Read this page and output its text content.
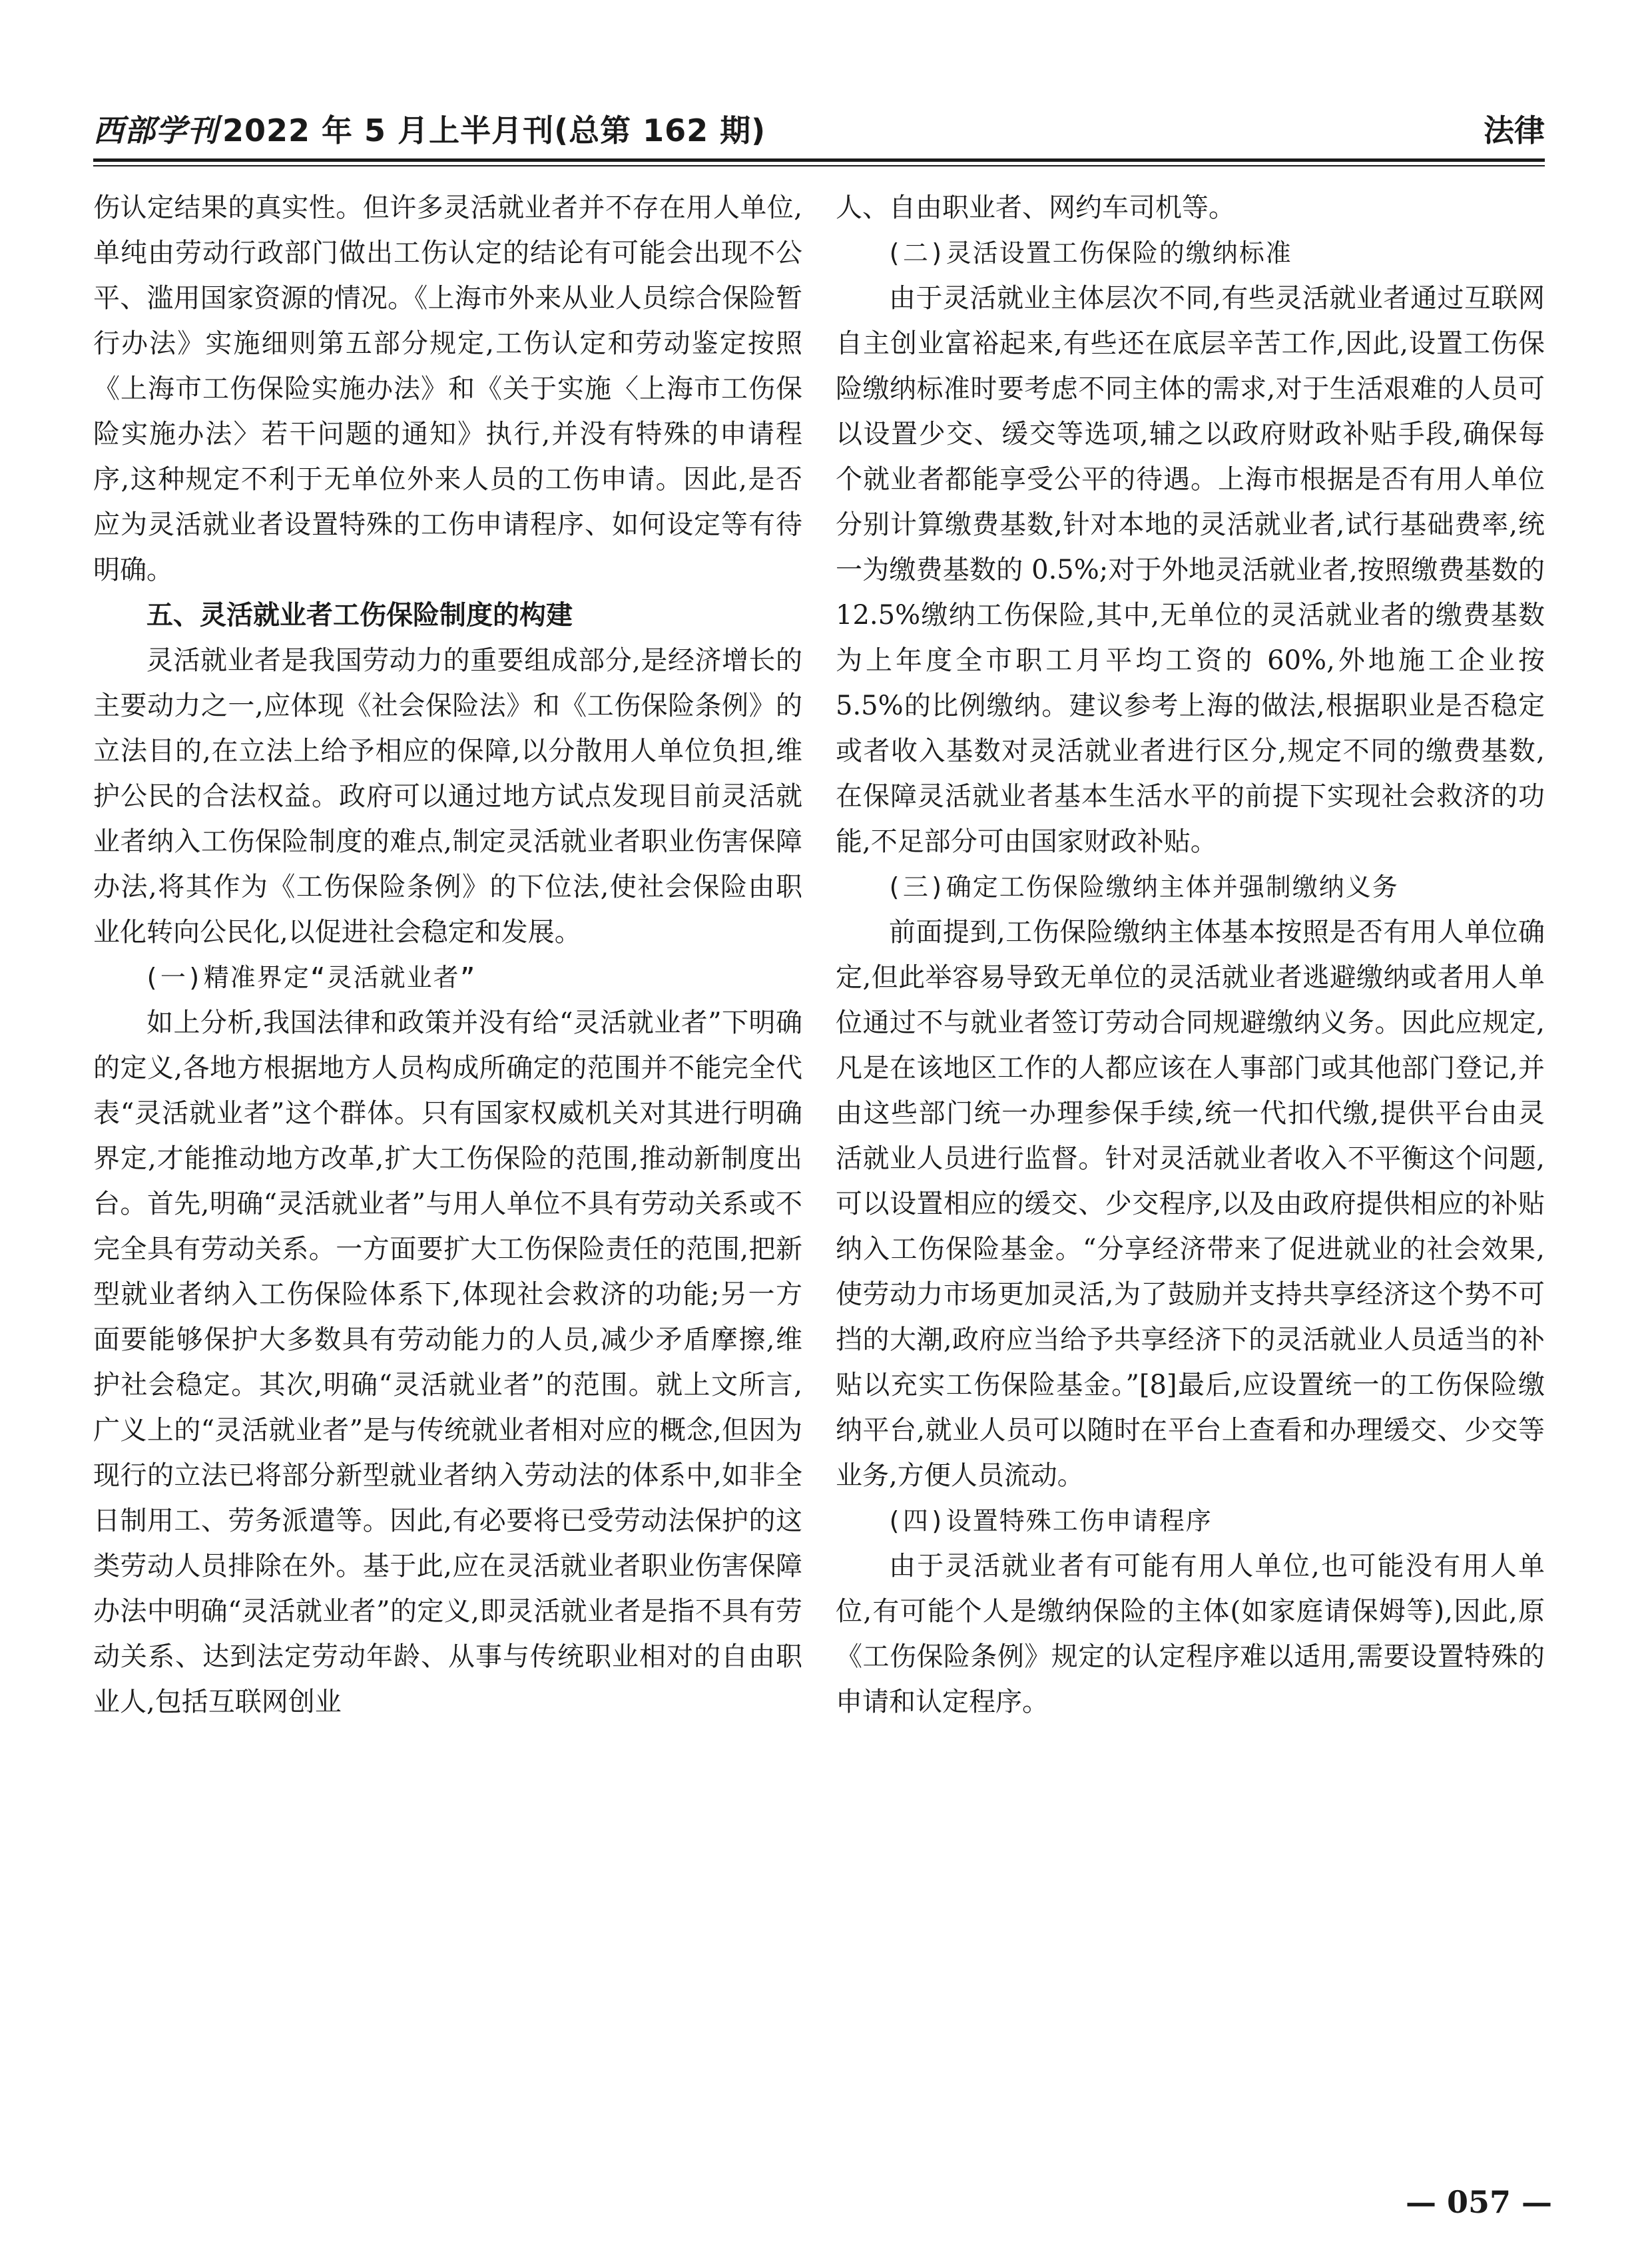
西部学刊 2022 年 5 月上半月刊(总第 162 期)	法律

伤认定结果的真实性。但许多灵活就业者并不存在用人单位,单纯由劳动行政部门做出工伤认定的结论有可能会出现不公平、滥用国家资源的情况。《上海市外来从业人员综合保险暂行办法》实施细则第五部分规定,工伤认定和劳动鉴定按照《上海市工伤保险实施办法》和《关于实施〈上海市工伤保险实施办法〉若干问题的通知》执行,并没有特殊的申请程序,这种规定不利于无单位外来人员的工伤申请。因此,是否应为灵活就业者设置特殊的工伤申请程序、如何设定等有待明确。

五、灵活就业者工伤保险制度的构建

灵活就业者是我国劳动力的重要组成部分,是经济增长的主要动力之一,应体现《社会保险法》和《工伤保险条例》的立法目的,在立法上给予相应的保障,以分散用人单位负担,维护公民的合法权益。政府可以通过地方试点发现目前灵活就业者纳入工伤保险制度的难点,制定灵活就业者职业伤害保障办法,将其作为《工伤保险条例》的下位法,使社会保险由职业化转向公民化,以促进社会稳定和发展。

(一)精准界定“灵活就业者”

如上分析,我国法律和政策并没有给“灵活就业者”下明确的定义,各地方根据地方人员构成所确定的范围并不能完全代表“灵活就业者”这个群体。只有国家权威机关对其进行明确界定,才能推动地方改革,扩大工伤保险的范围,推动新制度出台。首先,明确“灵活就业者”与用人单位不具有劳动关系或不完全具有劳动关系。一方面要扩大工伤保险责任的范围,把新型就业者纳入工伤保险体系下,体现社会救济的功能;另一方面要能够保护大多数具有劳动能力的人员,减少矛盾摩擦,维护社会稳定。其次,明确“灵活就业者”的范围。就上文所言,广义上的“灵活就业者”是与传统就业者相对应的概念,但因为现行的立法已将部分新型就业者纳入劳动法的体系中,如非全日制用工、劳务派遣等。因此,有必要将已受劳动法保护的这类劳动人员排除在外。基于此,应在灵活就业者职业伤害保障办法中明确“灵活就业者”的定义,即灵活就业者是指不具有劳动关系、达到法定劳动年龄、从事与传统职业相对的自由职业人,包括互联网创业

人、自由职业者、网约车司机等。

(二)灵活设置工伤保险的缴纳标准

由于灵活就业主体层次不同,有些灵活就业者通过互联网自主创业富裕起来,有些还在底层辛苦工作,因此,设置工伤保险缴纳标准时要考虑不同主体的需求,对于生活艰难的人员可以设置少交、缓交等选项,辅之以政府财政补贴手段,确保每个就业者都能享受公平的待遇。上海市根据是否有用人单位分别计算缴费基数,针对本地的灵活就业者,试行基础费率,统一为缴费基数的 0.5%;对于外地灵活就业者,按照缴费基数的 12.5%缴纳工伤保险,其中,无单位的灵活就业者的缴费基数为上年度全市职工月平均工资的 60%,外地施工企业按 5.5%的比例缴纳。建议参考上海的做法,根据职业是否稳定或者收入基数对灵活就业者进行区分,规定不同的缴费基数,在保障灵活就业者基本生活水平的前提下实现社会救济的功能,不足部分可由国家财政补贴。

(三)确定工伤保险缴纳主体并强制缴纳义务

前面提到,工伤保险缴纳主体基本按照是否有用人单位确定,但此举容易导致无单位的灵活就业者逃避缴纳或者用人单位通过不与就业者签订劳动合同规避缴纳义务。因此应规定,凡是在该地区工作的人都应该在人事部门或其他部门登记,并由这些部门统一办理参保手续,统一代扣代缴,提供平台由灵活就业人员进行监督。针对灵活就业者收入不平衡这个问题,可以设置相应的缓交、少交程序,以及由政府提供相应的补贴纳入工伤保险基金。“分享经济带来了促进就业的社会效果,使劳动力市场更加灵活,为了鼓励并支持共享经济这个势不可挡的大潮,政府应当给予共享经济下的灵活就业人员适当的补贴以充实工伤保险基金。”[8]最后,应设置统一的工伤保险缴纳平台,就业人员可以随时在平台上查看和办理缓交、少交等业务,方便人员流动。

(四)设置特殊工伤申请程序

由于灵活就业者有可能有用人单位,也可能没有用人单位,有可能个人是缴纳保险的主体(如家庭请保姆等),因此,原《工伤保险条例》规定的认定程序难以适用,需要设置特殊的申请和认定程序。

— 057 —
